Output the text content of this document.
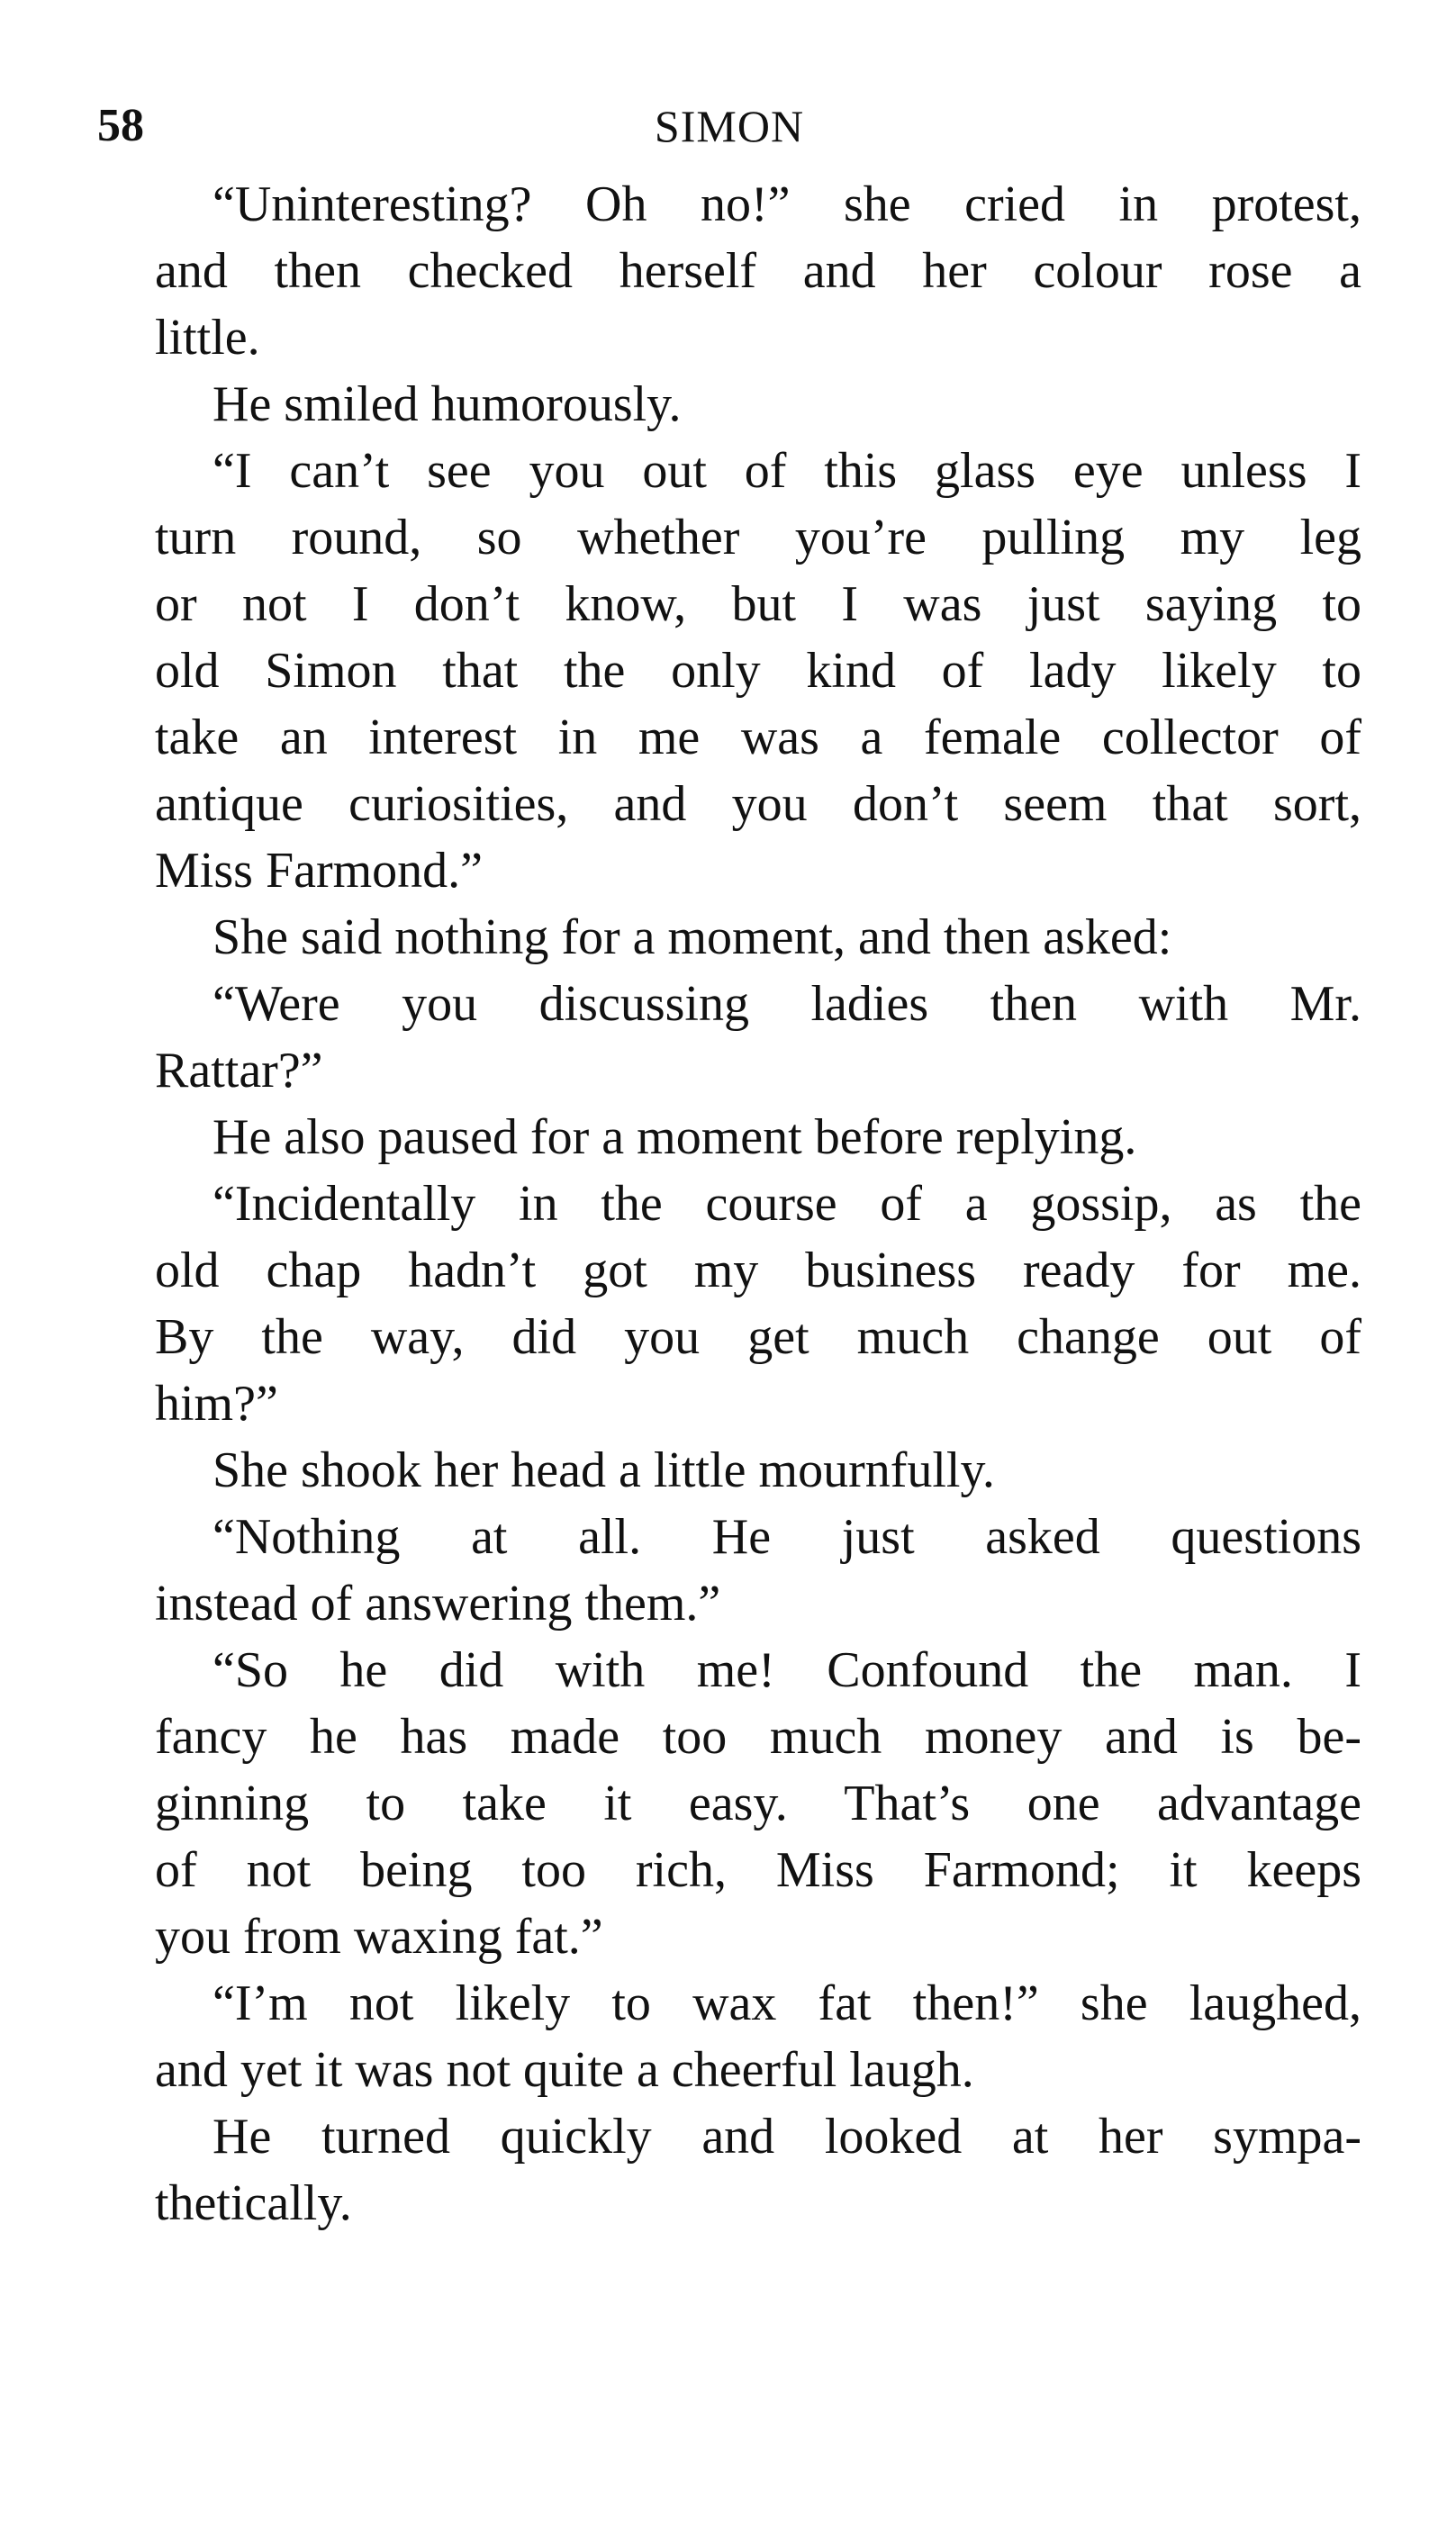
58	SIMON
“Uninteresting? Oh no!” she cried in protest,
and then checked herself and her colour rose a
little.
He smiled humorously.
“I can’t see you out of this glass eye unless I
turn round, so whether you’re pulling my leg
or not I don’t know, but I was just saying to
old Simon that the only kind of lady likely to
take an interest in me was a female collector of
antique curiosities, and you don’t seem that sort,
Miss Farmond.”
She said nothing for a moment, and then asked:
“Were you discussing ladies then with Mr.
Rattar?”
He also paused for a moment before replying.
“Incidentally in the course of a gossip, as the
old chap hadn’t got my business ready for me.
By the way, did you get much change out of
him?”
She shook her head a little mournfully.
“Nothing at all. He just asked questions
instead of answering them.”
“So he did with me! Confound the man. I
fancy he has made too much money and is be-
ginning to take it easy. That’s one advantage
of not being too rich, Miss Farmond; it keeps
you from waxing fat.”
“I’m not likely to wax fat then!” she laughed,
and yet it was not quite a cheerful laugh.
He turned quickly and looked at her sympa-
thetically.
